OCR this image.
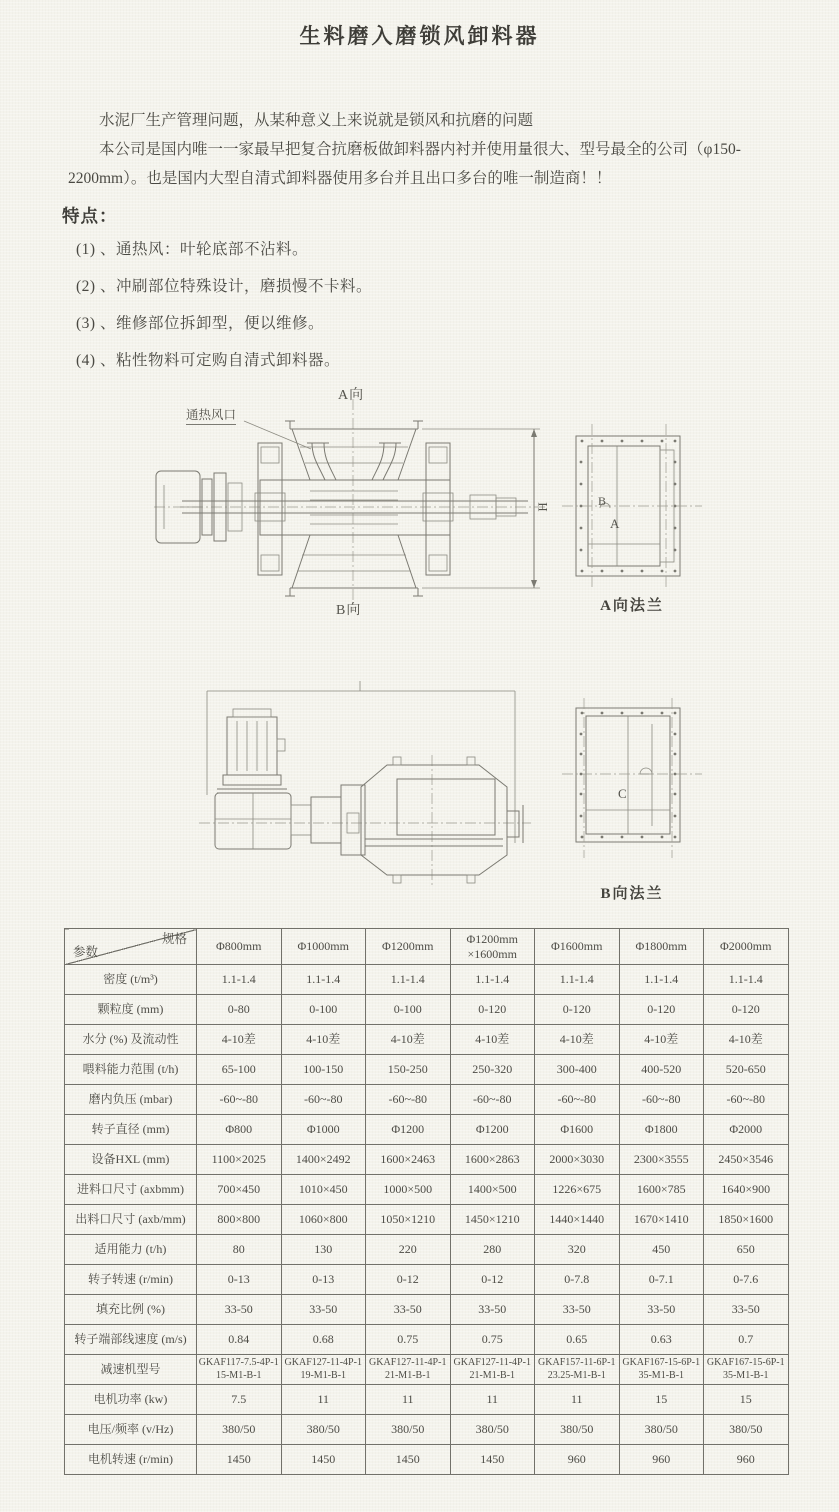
生料磨入磨锁风卸料器

水泥厂生产管理问题，从某种意义上来说就是锁风和抗磨的问题

本公司是国内唯一一家最早把复合抗磨板做卸料器内衬并使用量很大、型号最全的公司（φ150-2200mm）。也是国内大型自清式卸料器使用多台并且出口多台的唯一制造商！！

特点：
(1) 、通热风：叶轮底部不沾料。
(2) 、冲刷部位特殊设计，磨损慢不卡料。
(3) 、维修部位拆卸型，便以维修。
(4) 、粘性物料可定购自清式卸料器。
A向
B向
通热风口
H	B
A
A向法兰
C
B向法兰
规格
参数	Φ800mm	Φ1000mm	Φ1200mm	Φ1200mm ×1600mm	Φ1600mm	Φ1800mm	Φ2000mm
密度 (t/m³)	1.1-1.4	1.1-1.4	1.1-1.4	1.1-1.4	1.1-1.4	1.1-1.4	1.1-1.4
颗粒度 (mm)	0-80	0-100	0-100	0-120	0-120	0-120	0-120
水分 (%) 及流动性	4-10差	4-10差	4-10差	4-10差	4-10差	4-10差	4-10差
喂料能力范围 (t/h)	65-100	100-150	150-250	250-320	300-400	400-520	520-650
磨内负压 (mbar)	-60~-80	-60~-80	-60~-80	-60~-80	-60~-80	-60~-80	-60~-80
转子直径 (mm)	Φ800	Φ1000	Φ1200	Φ1200	Φ1600	Φ1800	Φ2000
设备HXL (mm)	1100×2025	1400×2492	1600×2463	1600×2863	2000×3030	2300×3555	2450×3546
进料口尺寸 (axbmm)	700×450	1010×450	1000×500	1400×500	1226×675	1600×785	1640×900
出料口尺寸 (axb/mm)	800×800	1060×800	1050×1210	1450×1210	1440×1440	1670×1410	1850×1600
适用能力 (t/h)	80	130	220	280	320	450	650
转子转速 (r/min)	0-13	0-13	0-12	0-12	0-7.8	0-7.1	0-7.6
填充比例 (%)	33-50	33-50	33-50	33-50	33-50	33-50	33-50
转子端部线速度 (m/s)	0.84	0.68	0.75	0.75	0.65	0.63	0.7
减速机型号	GKAF117-7.5-4P-115-M1-B-1	GKAF127-11-4P-119-M1-B-1	GKAF127-11-4P-121-M1-B-1	GKAF127-11-4P-121-M1-B-1	GKAF157-11-6P-123.25-M1-B-1	GKAF167-15-6P-135-M1-B-1	GKAF167-15-6P-135-M1-B-1
电机功率 (kw)	7.5	11	11	11	11	15	15
电压/频率 (v/Hz)	380/50	380/50	380/50	380/50	380/50	380/50	380/50
电机转速 (r/min)	1450	1450	1450	1450	960	960	960
